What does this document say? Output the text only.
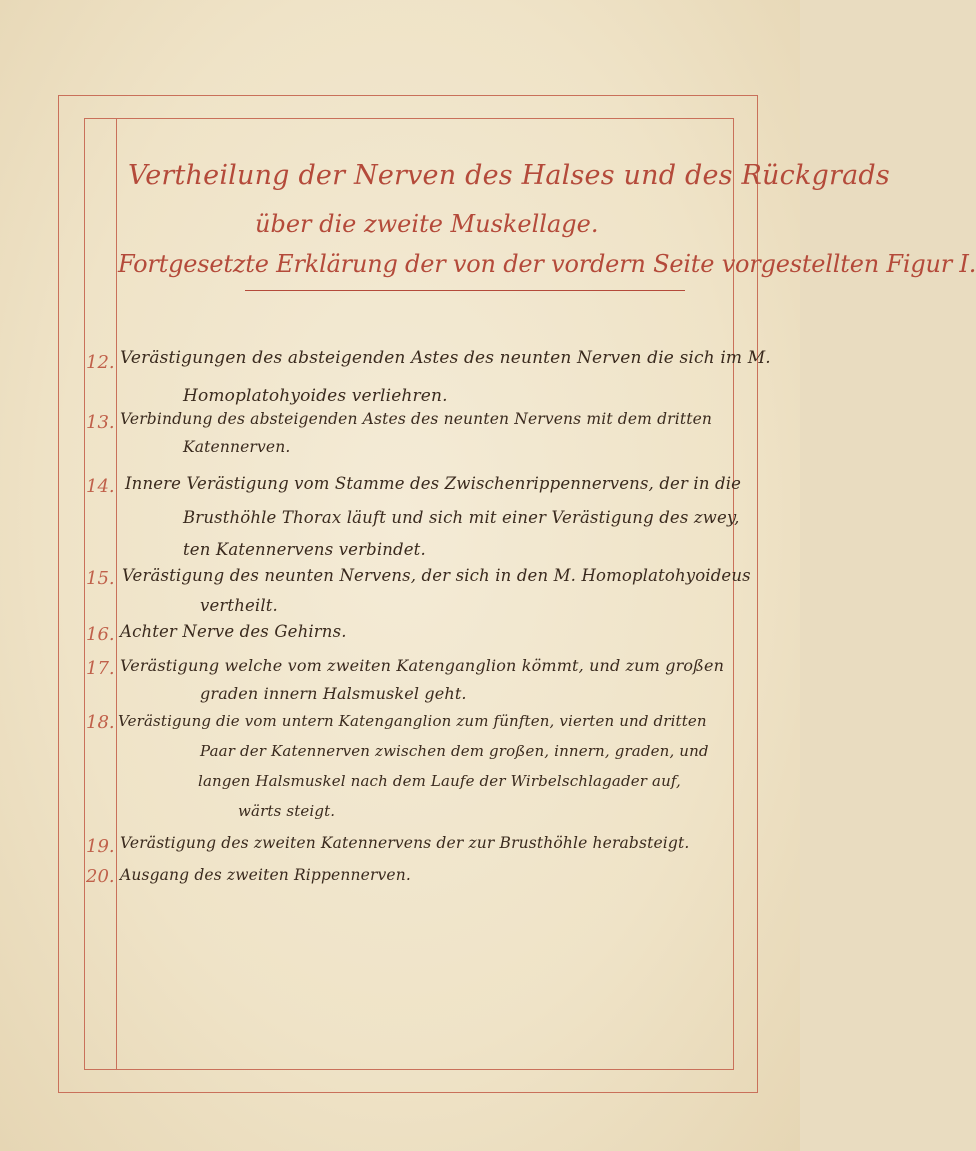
Vertheilung der Nerven des Halses und des Rückgrads
über die zweite Muskellage.
Fortgesetzte Erklärung der von der vordern Seite vorgestellten Figur I.
12. Verästigungen des absteigenden Astes des neunten Nerven die sich im M.
Homoplatohyoides verliehren.
13. Verbindung des absteigenden Astes des neunten Nervens mit dem dritten
Katennerven.
14. Innere Verästigung vom Stamme des Zwischenrippennervens, der in die
Brusthöhle Thorax läuft und sich mit einer Verästigung des zwey,
ten Katennervens verbindet.
15. Verästigung des neunten Nervens, der sich in den M. Homoplatohyoideus
vertheilt.
16. Achter Nerve des Gehirns.
17. Verästigung welche vom zweiten Katenganglion kömmt, und zum großen
graden innern Halsmuskel geht.
18. Verästigung die vom untern Katenganglion zum fünften, vierten und dritten
Paar der Katennerven zwischen dem großen, innern, graden, und
langen Halsmuskel nach dem Laufe der Wirbelschlagader auf,
wärts steigt.
19. Verästigung des zweiten Katennervens der zur Brusthöhle herabsteigt.
20. Ausgang des zweiten Rippennerven.
